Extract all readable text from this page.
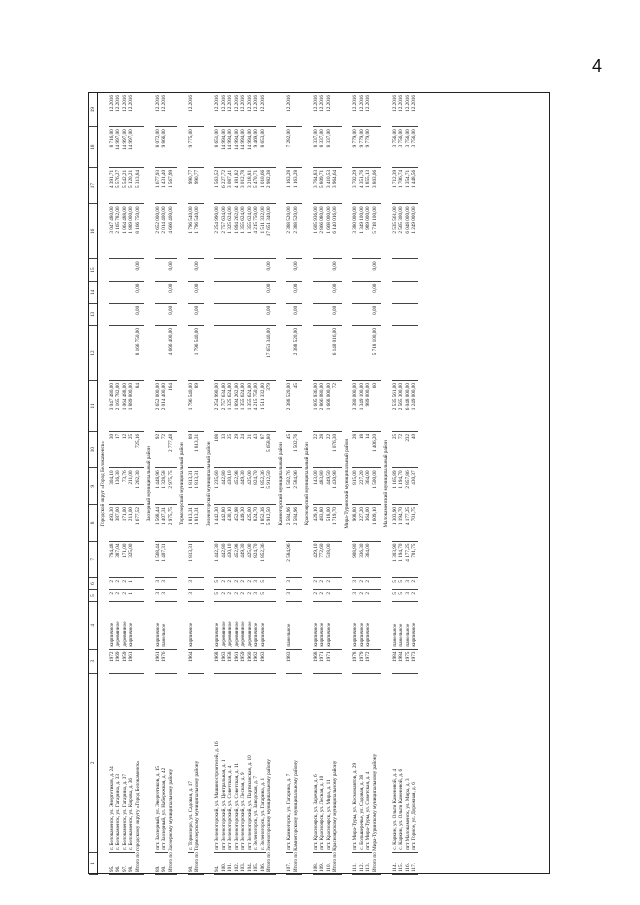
4
1	2	3	4	5	6	7	8	9	10	11	12	13	14	15	16	17	18	19
Городской округ «Город Белокаменск»																		
95.	г. Белокаменск, ул. Энергетиков, д. 24	1972	кирпичное	2	2	794,48	493,30	304,10	30	3 047 480,00					3 047 480,00	4 391,71	8 716,00	12.2016
96.	г. Белокаменск, ул. Гагарина, д. 33	1969	деревянное	2	2	387,04	387,00	136,30	17	2 165 782,00					2 165 782,00	5 576,27	14 997,00	12.2016
97.	г. Белокаменск, ул. Гагарина, д. 37	1959	деревянное	2	2	171,00	171,00	73,76	12	1 064 488,00					1 064 488,00	5 542,21	14 997,00	12.2016
98.	г. Белокаменск, ул. Кирова, д. 36	1961	кирпичное	1	1	325,00	211,00	211,00	25	1 889 000,00					1 889 000,00	5 120,21	14 997,00	12.2016
Итого по городскому округу «Город Белокаменск»							1 677,52	1 262,30	725,16	84	8 166 750,00	0,00	0,00	0,00	8 166 750,00	5 313,84		
Заозерный муниципальный район																		
89.	пгт. Заозерный, ул. Энергетиков, д. 15	1961	кирпичное	3	3	1 568,44	1 568,44	1 448,96	92	2 652 000,00					2 652 000,00	1 677,93	8 072,00	12.2016
90.	пгт Заозерный, ул. Набережная, д. 42	1976	панельное	3	3	1 407,31	1 407,31	1 328,58	72	2 014 400,00					2 014 400,00	1 431,40	9 866,00	12.2016
Итого по Заозерному муниципальному району							2 975,75	2 975,75	2 777,48	164	4 666 400,00	0,00	0,00	0,00	4 666 400,00	1 567,99		
Тормозерский муниципальный район																		
90.	г. Тормозеро, ул. Садовая, д. 17	1964	кирпичное	3	3	1 813,31	1 813,31	1 813,31	89	1 796 540,00					1 796 540,00	990,77	9 775,00	12.2016
Итого по Тормозерскому муниципальному району							1 813,31	1 813,31	1 813,31	89	1 796 540,00	0,00	0,00	0,00	1 796 540,00	990,77		
Зеленогорский муниципальный район																		
94.	пгт Зеленогорский, ул. Машиностроителей, д. 16	1968	кирпичное	5	5	1 442,30	1 442,30	1 235,60	108	2 254 990,00					2 254 990,00	1 563,52	8 651,00	12.2016
100.	пгт Зеленогорский, ул. Центральная, д. 1	1963	деревянное	2	2	442,80	442,80	442,80	33	2 757 634,00					2 757 634,00	6 227,72	14 994,00	12.2016
101.	пгт Зеленогорский, ул. Советская, д. 4	1958	деревянное	2	2	430,10	430,10	430,10	25	1 325 624,00					1 325 624,00	3 087,41	14 994,00	12.2016
102.	пгт Зеленогорский, ул. Советская, д. 11	1961	деревянное	2	2	452,98	452,98	452,98	29	1 894 262,00					1 894 262,00	4 181,82	14 994,00	12.2016
103.	пгт Зеленогорский, ул. Лесная, д. 9	1959	деревянное	2	2	449,30	449,30	449,30	24	1 355 624,00					1 355 624,00	3 012,78	14 994,00	12.2016
104.	пгт Зеленогорский, ул. Партизанская, д. 10	1960	деревянное	2	2	425,00	425,00	425,00	21	1 355 624,00					1 355 624,00	3 218,81	14 994,00	12.2016
105.	г. Зеленогорск, ул. Заводская, д. 7	1962	кирпичное	3	3	824,70	824,70	824,70	43	4 215 750,00					4 215 750,00	5 470,71	9 469,00	12.2016
106.	г. Зеленогорск, ул. Гагарина, д. 1	1963	кирпичное	5	5	1 852,36	1 852,36	1 852,36	87	1 511 332,00					1 511 332,00	1 010,66	8 653,00	12.2016
Итого по Зеленогорскому муниципальному району							5 912,50	5 912,50	5 658,80	379	17 651 340,00	0,00	0,00	0,00	17 651 340,00	2 982,38		
Камнегорский муниципальный район																		
107.	пгт. Камнегорск, ул. Гагарина, д. 7	1983	панельное	3	3	2 584,96	2 584,96	1 502,76	45	2 388 520,00					2 388 520,00	1 163,28	7 282,00	12.2016
Итого по Камнегорскому муниципальному району							2 584,96	2 584,96	1 502,76	45	2 388 520,00	0,00	0,00	0,00	2 388 520,00	1 163,28		
Красноярский муниципальный район																		
108.	пгт. Красноярск, ул. Заречная, д. 6	1968	кирпичное	2	2	429,10	429,10	143,00	22	1 605 936,00					1 605 936,00	3 764,83	8 337,00	12.2016
109.	пгт. Красноярск, ул. Лесная, д. 10	1971	кирпичное	2	2	772,60	483,80	483,80	28	2 866 080,00					2 866 080,00	5 809,71	8 337,00	12.2016
110.	пгт. Красноярск, ул. Мира, д. 11	1971	кирпичное	2	2	518,00	518,00	449,50	22	1 668 000,00					1 668 000,00	3 410,53	8 337,00	12.2016
Итого по Красноярскому муниципальному району							1 719,70	1 430,90	1 076,30	72	6 140 016,00	0,00	0,00	0,00	6 140 016,00	3 964,64		
Мира-Туринский муниципальный район																		
111.	пгт. Мира-Туры, ул. Космонавтов, д. 29	1978	кирпичное	3	3	908,80	908,80	815,00	28	3 380 000,00					3 380 000,00	3 702,29	9 779,00	12.2016
112.	с. Большеречье, ул. Садовая, д. 38	1979	кирпичное	2	2	336,30	227,20	227,20	18	1 349 100,00					1 349 100,00	4 351,76	9 779,00	12.2016
113.	пгт. Мира-Туры, ул. Советская, д. 4	1972	кирпичное	2	2	364,00	364,00	364,00	14	989 000,00					989 000,00	1 855,13	9 779,00	12.2016
Итого по Мира-Туринскому муниципальному району							1 609,10	1 500,00	1 406,20	60	5 718 100,00	0,00	0,00	0,00	5 718 100,00	3 803,06		
Малокаменский муниципальный район																		
114.	с. Каркин, ул. Ольги Каменевой, д. 4	1984	панельное	5	5	1 303,90	1 303,90	1 165,89	25	2 535 561,00					2 535 561,00	1 712,39	3 756,00	12.2016
115.	с. Каркин, ул. Ольги Каменевой, д. 6	1984	панельное	5	5	1 194,70	1 194,70	1 194,70	72	2 565 300,00					2 565 300,00	1 706,74	3 756,00	12.2016
116.	пгт Малокаменск, ул. Мира, д. 3	1975	панельное	3	3	4 177,25	4 177,25	2 857,86	232	6 048 000,00					6 048 000,00	1 354,71	3 756,00	12.2016
117.	пгт. Горное, ул. Дорожная, д. 6	1973	кирпичное	2	2	701,75	701,75	430,37	40	1 249 000,00					1 249 000,00	1 448,56	3 756,00	12.2016
